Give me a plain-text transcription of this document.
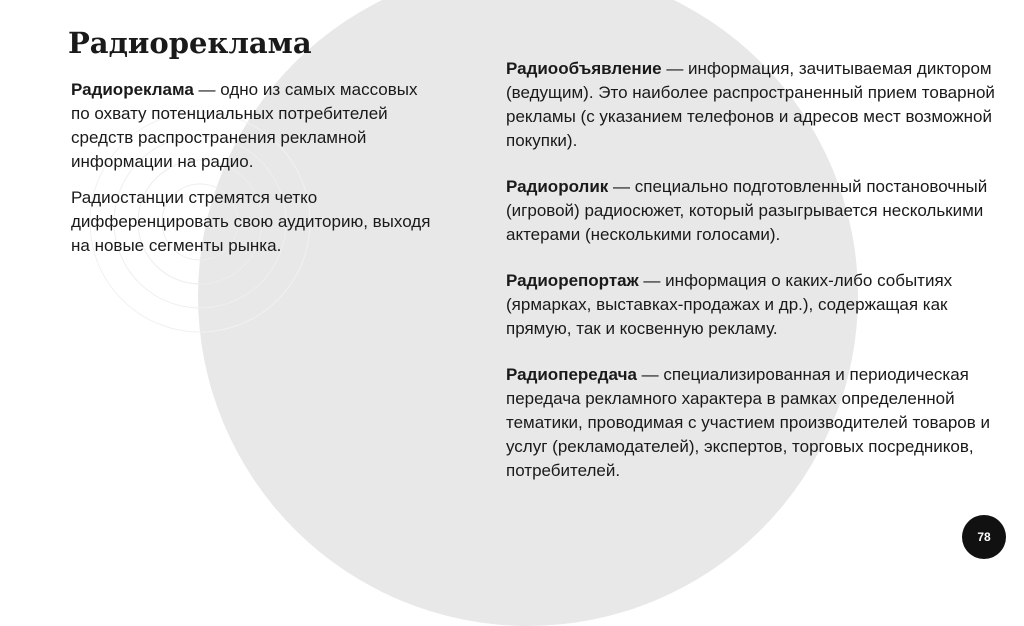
Радиореклама

Радиореклама — одно из самых массовых по охвату потенциальных потребителей средств распространения рекламной информации на радио.

Радиостанции стремятся четко дифференцировать свою аудиторию, выходя на новые сегменты рынка.

Радиообъявление — информация, зачитываемая диктором (ведущим). Это наиболее распространенный прием товарной рекламы (с указанием телефонов и адресов мест возможной покупки).

Радиоролик — специально подготовленный постановочный (игровой) радиосюжет, который разыгрывается несколькими актерами (несколькими голосами).

Радиорепортаж — информация о каких-либо событиях (ярмарках, выставках-продажах и др.), содержащая как прямую, так и косвенную рекламу.

Радиопередача — специализированная и периодическая передача рекламного характера в рамках определенной тематики, проводимая с участием производителей товаров и услуг (рекламодателей), экспертов, торговых посредников, потребителей.

78
